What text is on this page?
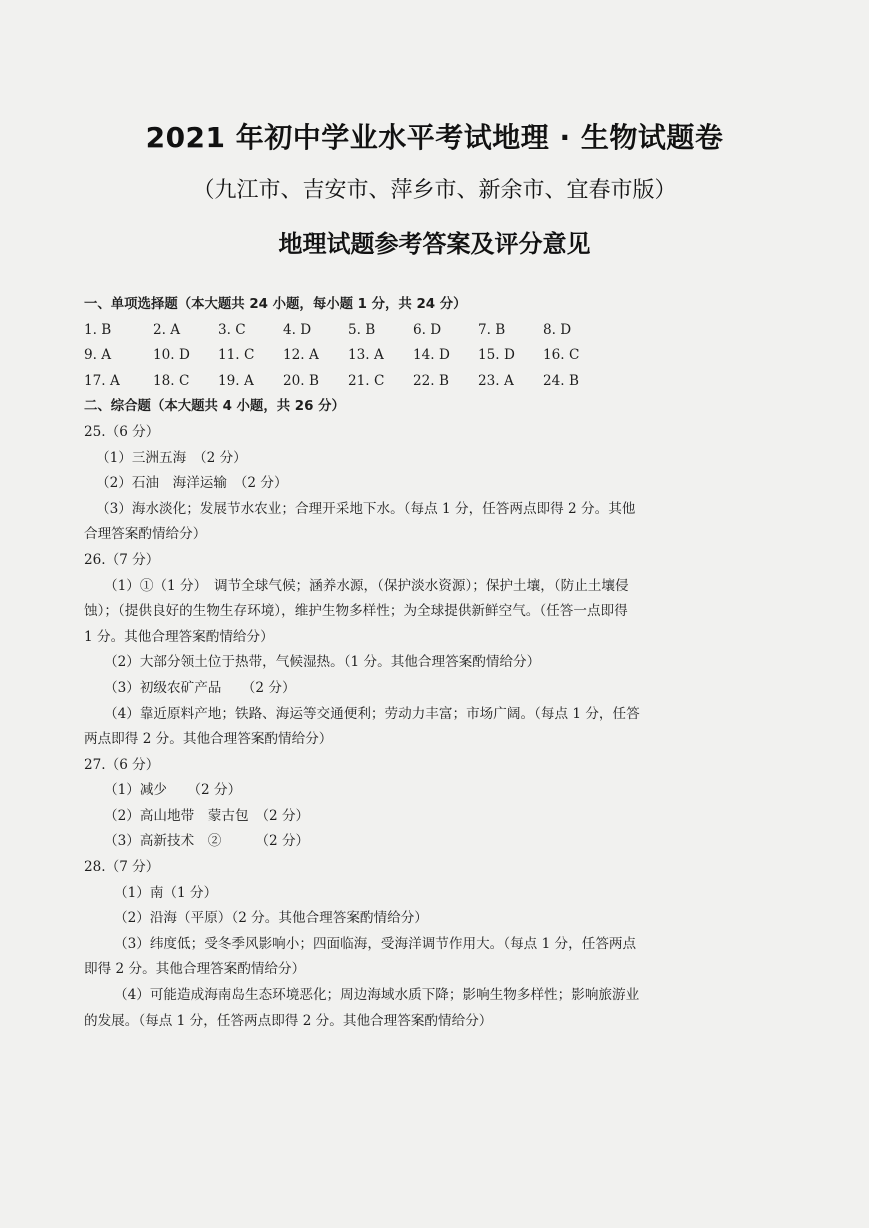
2021 年初中学业水平考试地理 · 生物试题卷
（九江市、吉安市、萍乡市、新余市、宜春市版）
地理试题参考答案及评分意见
一、单项选择题（本大题共 24 小题，每小题 1 分，共 24 分）
1. B	2. A	3. C	4. D	5. B	6. D	7. B	8. D
9. A	10. D	11. C	12. A	13. A	14. D	15. D	16. C
17. A	18. C	19. A	20. B	21. C	22. B	23. A	24. B
二、综合题（本大题共 4 小题，共 26 分）
25.（6 分）
（1）三洲五海　（2 分）
（2）石油　海洋运输　（2 分）
（3）海水淡化；发展节水农业；合理开采地下水。（每点 1 分，任答两点即得 2 分。其他
合理答案酌情给分）
26.（7 分）
（1）①（1 分）　调节全球气候；涵养水源，（保护淡水资源）；保护土壤，（防止土壤侵
蚀）；（提供良好的生物生存环境），维护生物多样性；为全球提供新鲜空气。（任答一点即得
1 分。其他合理答案酌情给分）
（2）大部分领土位于热带，气候湿热。（1 分。其他合理答案酌情给分）
（3）初级农矿产品　　（2 分）
（4）靠近原料产地；铁路、海运等交通便利；劳动力丰富；市场广阔。（每点 1 分，任答
两点即得 2 分。其他合理答案酌情给分）
27.（6 分）
（1）减少　　（2 分）
（2）高山地带　蒙古包　（2 分）
（3）高新技术　②　　　（2 分）
28.（7 分）
（1）南（1 分）
（2）沿海（平原）（2 分。其他合理答案酌情给分）
（3）纬度低；受冬季风影响小；四面临海，受海洋调节作用大。（每点 1 分，任答两点
即得 2 分。其他合理答案酌情给分）
（4）可能造成海南岛生态环境恶化；周边海域水质下降；影响生物多样性；影响旅游业
的发展。（每点 1 分，任答两点即得 2 分。其他合理答案酌情给分）
